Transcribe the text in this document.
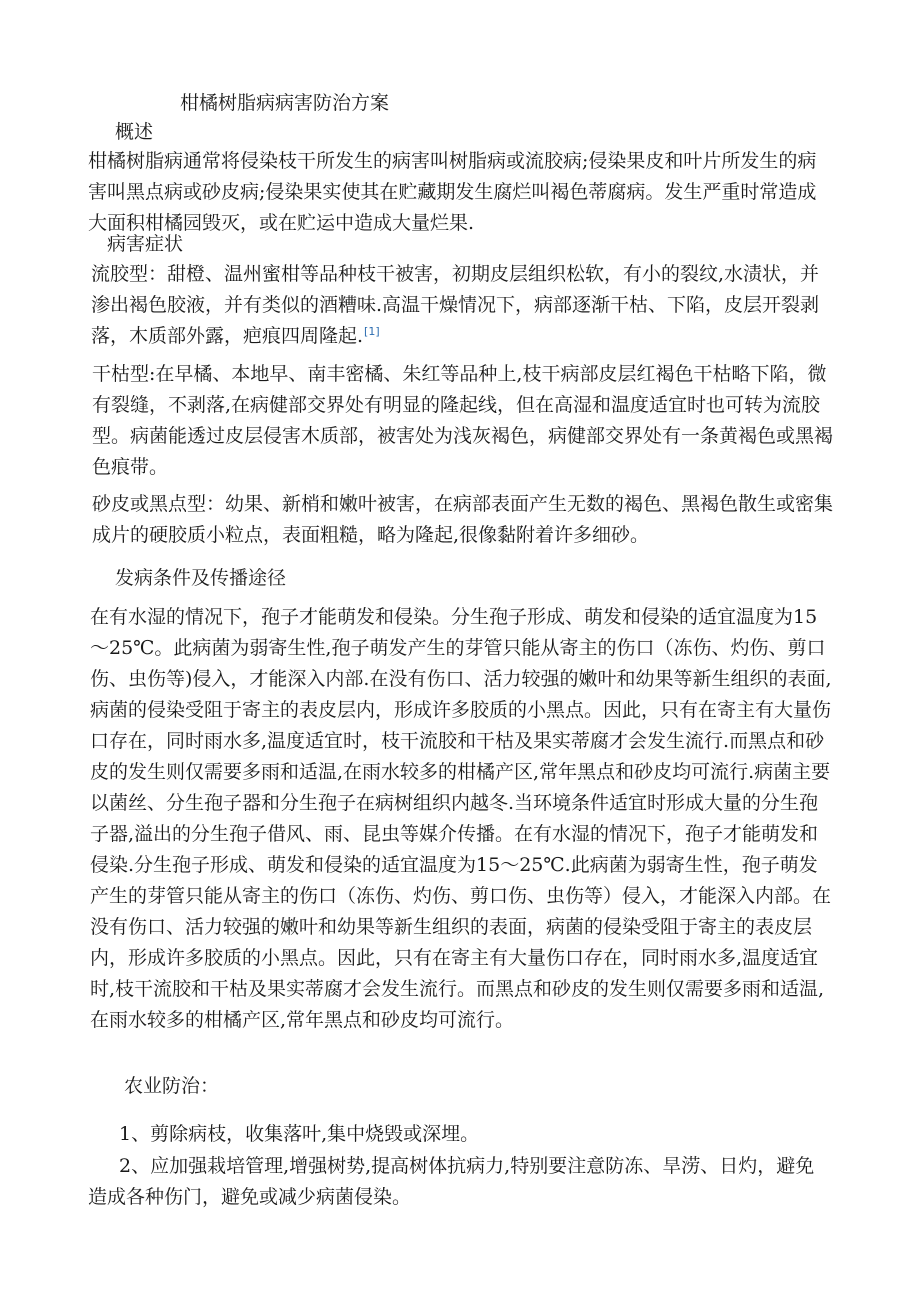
柑橘树脂病病害防治方案

概述

柑橘树脂病通常将侵染枝干所发生的病害叫树脂病或流胶病;侵染果皮和叶片所发生的病害叫黑点病或砂皮病;侵染果实使其在贮藏期发生腐烂叫褐色蒂腐病。发生严重时常造成大面积柑橘园毁灭，或在贮运中造成大量烂果.

病害症状

流胶型：甜橙、温州蜜柑等品种枝干被害，初期皮层组织松软，有小的裂纹,水渍状，并渗出褐色胶液，并有类似的酒糟味.高温干燥情况下，病部逐渐干枯、下陷，皮层开裂剥落，木质部外露，疤痕四周隆起.[1]

干枯型:在早橘、本地早、南丰密橘、朱红等品种上,枝干病部皮层红褐色干枯略下陷，微有裂缝，不剥落,在病健部交界处有明显的隆起线，但在高湿和温度适宜时也可转为流胶型。病菌能透过皮层侵害木质部，被害处为浅灰褐色，病健部交界处有一条黄褐色或黑褐色痕带。

砂皮或黑点型：幼果、新梢和嫩叶被害，在病部表面产生无数的褐色、黑褐色散生或密集成片的硬胶质小粒点，表面粗糙，略为隆起,很像黏附着许多细砂。

发病条件及传播途径

在有水湿的情况下，孢子才能萌发和侵染。分生孢子形成、萌发和侵染的适宜温度为15～25℃。此病菌为弱寄生性,孢子萌发产生的芽管只能从寄主的伤口（冻伤、灼伤、剪口伤、虫伤等)侵入，才能深入内部.在没有伤口、活力较强的嫩叶和幼果等新生组织的表面,病菌的侵染受阻于寄主的表皮层内，形成许多胶质的小黑点。因此，只有在寄主有大量伤口存在，同时雨水多,温度适宜时，枝干流胶和干枯及果实蒂腐才会发生流行.而黑点和砂皮的发生则仅需要多雨和适温,在雨水较多的柑橘产区,常年黑点和砂皮均可流行.病菌主要以菌丝、分生孢子器和分生孢子在病树组织内越冬.当环境条件适宜时形成大量的分生孢子器,溢出的分生孢子借风、雨、昆虫等媒介传播。在有水湿的情况下，孢子才能萌发和侵染.分生孢子形成、萌发和侵染的适宜温度为15～25℃.此病菌为弱寄生性，孢子萌发产生的芽管只能从寄主的伤口（冻伤、灼伤、剪口伤、虫伤等）侵入，才能深入内部。在没有伤口、活力较强的嫩叶和幼果等新生组织的表面，病菌的侵染受阻于寄主的表皮层内，形成许多胶质的小黑点。因此，只有在寄主有大量伤口存在，同时雨水多,温度适宜时,枝干流胶和干枯及果实蒂腐才会发生流行。而黑点和砂皮的发生则仅需要多雨和适温,在雨水较多的柑橘产区,常年黑点和砂皮均可流行。

农业防治：

1、剪除病枝，收集落叶,集中烧毁或深埋。

2、应加强栽培管理,增强树势,提高树体抗病力,特别要注意防冻、旱涝、日灼，避免造成各种伤门，避免或减少病菌侵染。
